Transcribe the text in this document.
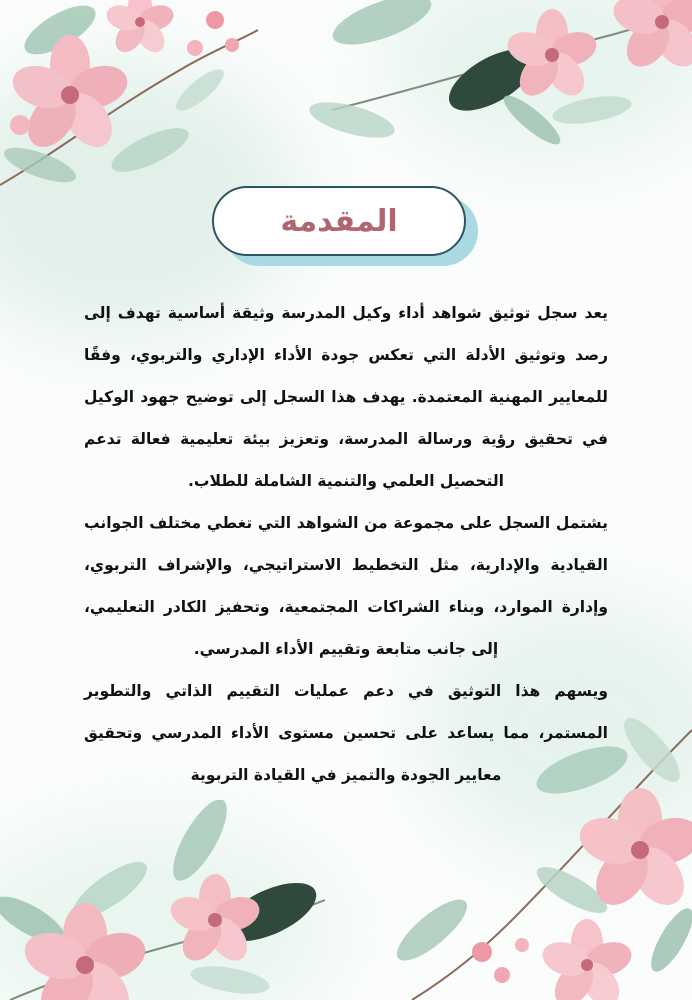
المقدمة

يعد سجل توثيق شواهد أداء وكيل المدرسة وثيقة أساسية تهدف إلى رصد وتوثيق الأدلة التي تعكس جودة الأداء الإداري والتربوي، وفقًا للمعايير المهنية المعتمدة. يهدف هذا السجل إلى توضيح جهود الوكيل في تحقيق رؤية ورسالة المدرسة، وتعزيز بيئة تعليمية فعالة تدعم التحصيل العلمي والتنمية الشاملة للطلاب.

يشتمل السجل على مجموعة من الشواهد التي تغطي مختلف الجوانب القيادية والإدارية، مثل التخطيط الاستراتيجي، والإشراف التربوي، وإدارة الموارد، وبناء الشراكات المجتمعية، وتحفيز الكادر التعليمي، إلى جانب متابعة وتقييم الأداء المدرسي.

ويسهم هذا التوثيق في دعم عمليات التقييم الذاتي والتطوير المستمر، مما يساعد على تحسين مستوى الأداء المدرسي وتحقيق معايير الجودة والتميز في القيادة التربوية
